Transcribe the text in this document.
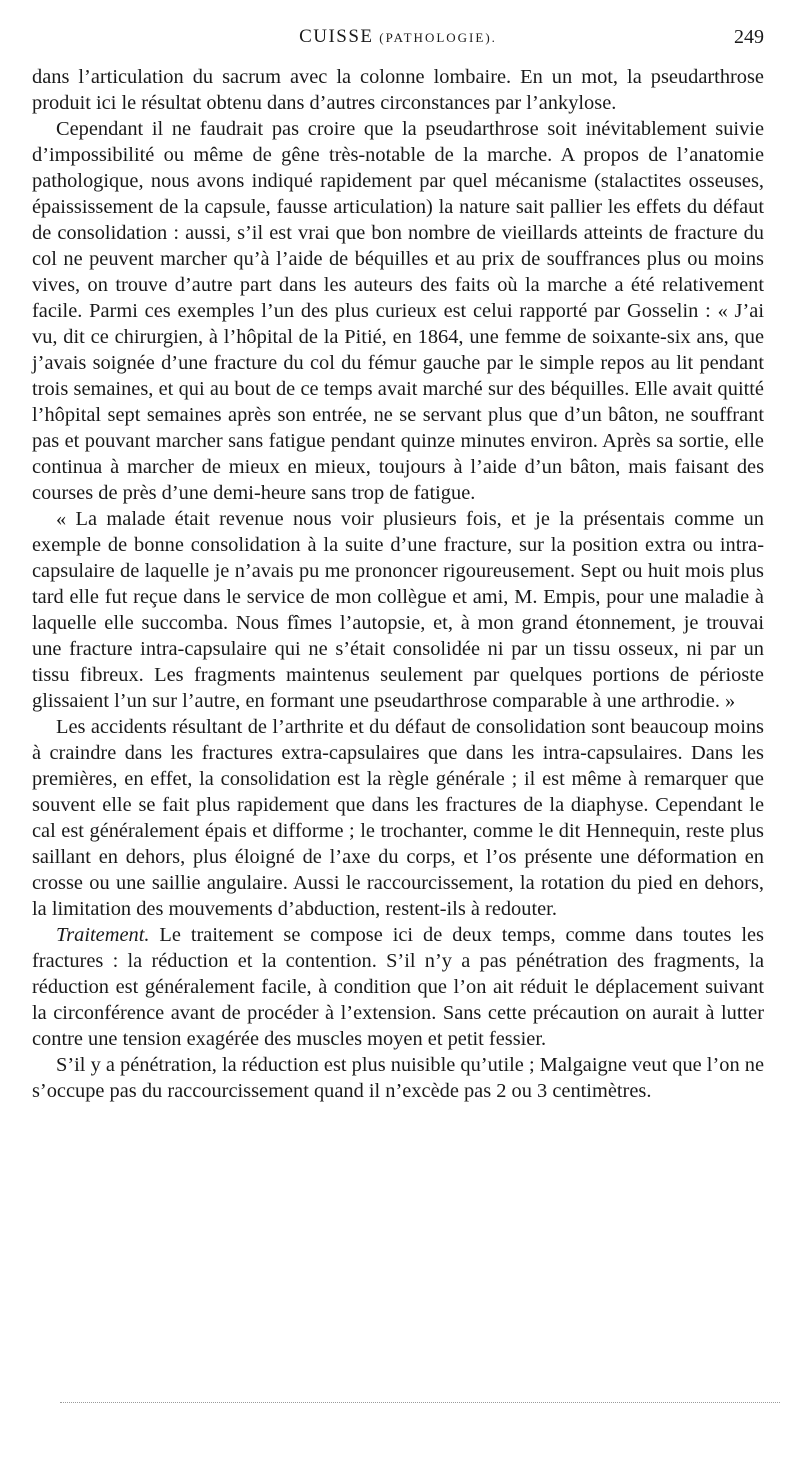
CUISSE (PATHOLOGIE).	249

dans l’articulation du sacrum avec la colonne lombaire. En un mot, la pseudarthrose produit ici le résultat obtenu dans d’autres circonstances par l’ankylose.

Cependant il ne faudrait pas croire que la pseudarthrose soit inévitablement suivie d’impossibilité ou même de gêne très-notable de la marche. A propos de l’anatomie pathologique, nous avons indiqué rapidement par quel mécanisme (stalactites osseuses, épaississement de la capsule, fausse articulation) la nature sait pallier les effets du défaut de consolidation : aussi, s’il est vrai que bon nombre de vieillards atteints de fracture du col ne peuvent marcher qu’à l’aide de béquilles et au prix de souffrances plus ou moins vives, on trouve d’autre part dans les auteurs des faits où la marche a été relativement facile. Parmi ces exemples l’un des plus curieux est celui rapporté par Gosselin : « J’ai vu, dit ce chirurgien, à l’hôpital de la Pitié, en 1864, une femme de soixante-six ans, que j’avais soignée d’une fracture du col du fémur gauche par le simple repos au lit pendant trois semaines, et qui au bout de ce temps avait marché sur des béquilles. Elle avait quitté l’hôpital sept semaines après son entrée, ne se servant plus que d’un bâton, ne souffrant pas et pouvant marcher sans fatigue pendant quinze minutes environ. Après sa sortie, elle continua à marcher de mieux en mieux, toujours à l’aide d’un bâton, mais faisant des courses de près d’une demi-heure sans trop de fatigue.

« La malade était revenue nous voir plusieurs fois, et je la présentais comme un exemple de bonne consolidation à la suite d’une fracture, sur la position extra ou intra-capsulaire de laquelle je n’avais pu me prononcer rigoureusement. Sept ou huit mois plus tard elle fut reçue dans le service de mon collègue et ami, M. Empis, pour une maladie à laquelle elle succomba. Nous fîmes l’autopsie, et, à mon grand étonnement, je trouvai une fracture intra-capsulaire qui ne s’était consolidée ni par un tissu osseux, ni par un tissu fibreux. Les fragments maintenus seulement par quelques portions de périoste glissaient l’un sur l’autre, en formant une pseudarthrose comparable à une arthrodie. »

Les accidents résultant de l’arthrite et du défaut de consolidation sont beaucoup moins à craindre dans les fractures extra-capsulaires que dans les intra-capsulaires. Dans les premières, en effet, la consolidation est la règle générale ; il est même à remarquer que souvent elle se fait plus rapidement que dans les fractures de la diaphyse. Cependant le cal est généralement épais et difforme ; le trochanter, comme le dit Hennequin, reste plus saillant en dehors, plus éloigné de l’axe du corps, et l’os présente une déformation en crosse ou une saillie angulaire. Aussi le raccourcissement, la rotation du pied en dehors, la limitation des mouvements d’abduction, restent-ils à redouter.

Traitement. Le traitement se compose ici de deux temps, comme dans toutes les fractures : la réduction et la contention. S’il n’y a pas pénétration des fragments, la réduction est généralement facile, à condition que l’on ait réduit le déplacement suivant la circonférence avant de procéder à l’extension. Sans cette précaution on aurait à lutter contre une tension exagérée des muscles moyen et petit fessier.

S’il y a pénétration, la réduction est plus nuisible qu’utile ; Malgaigne veut que l’on ne s’occupe pas du raccourcissement quand il n’excède pas 2 ou 3 centimètres.
